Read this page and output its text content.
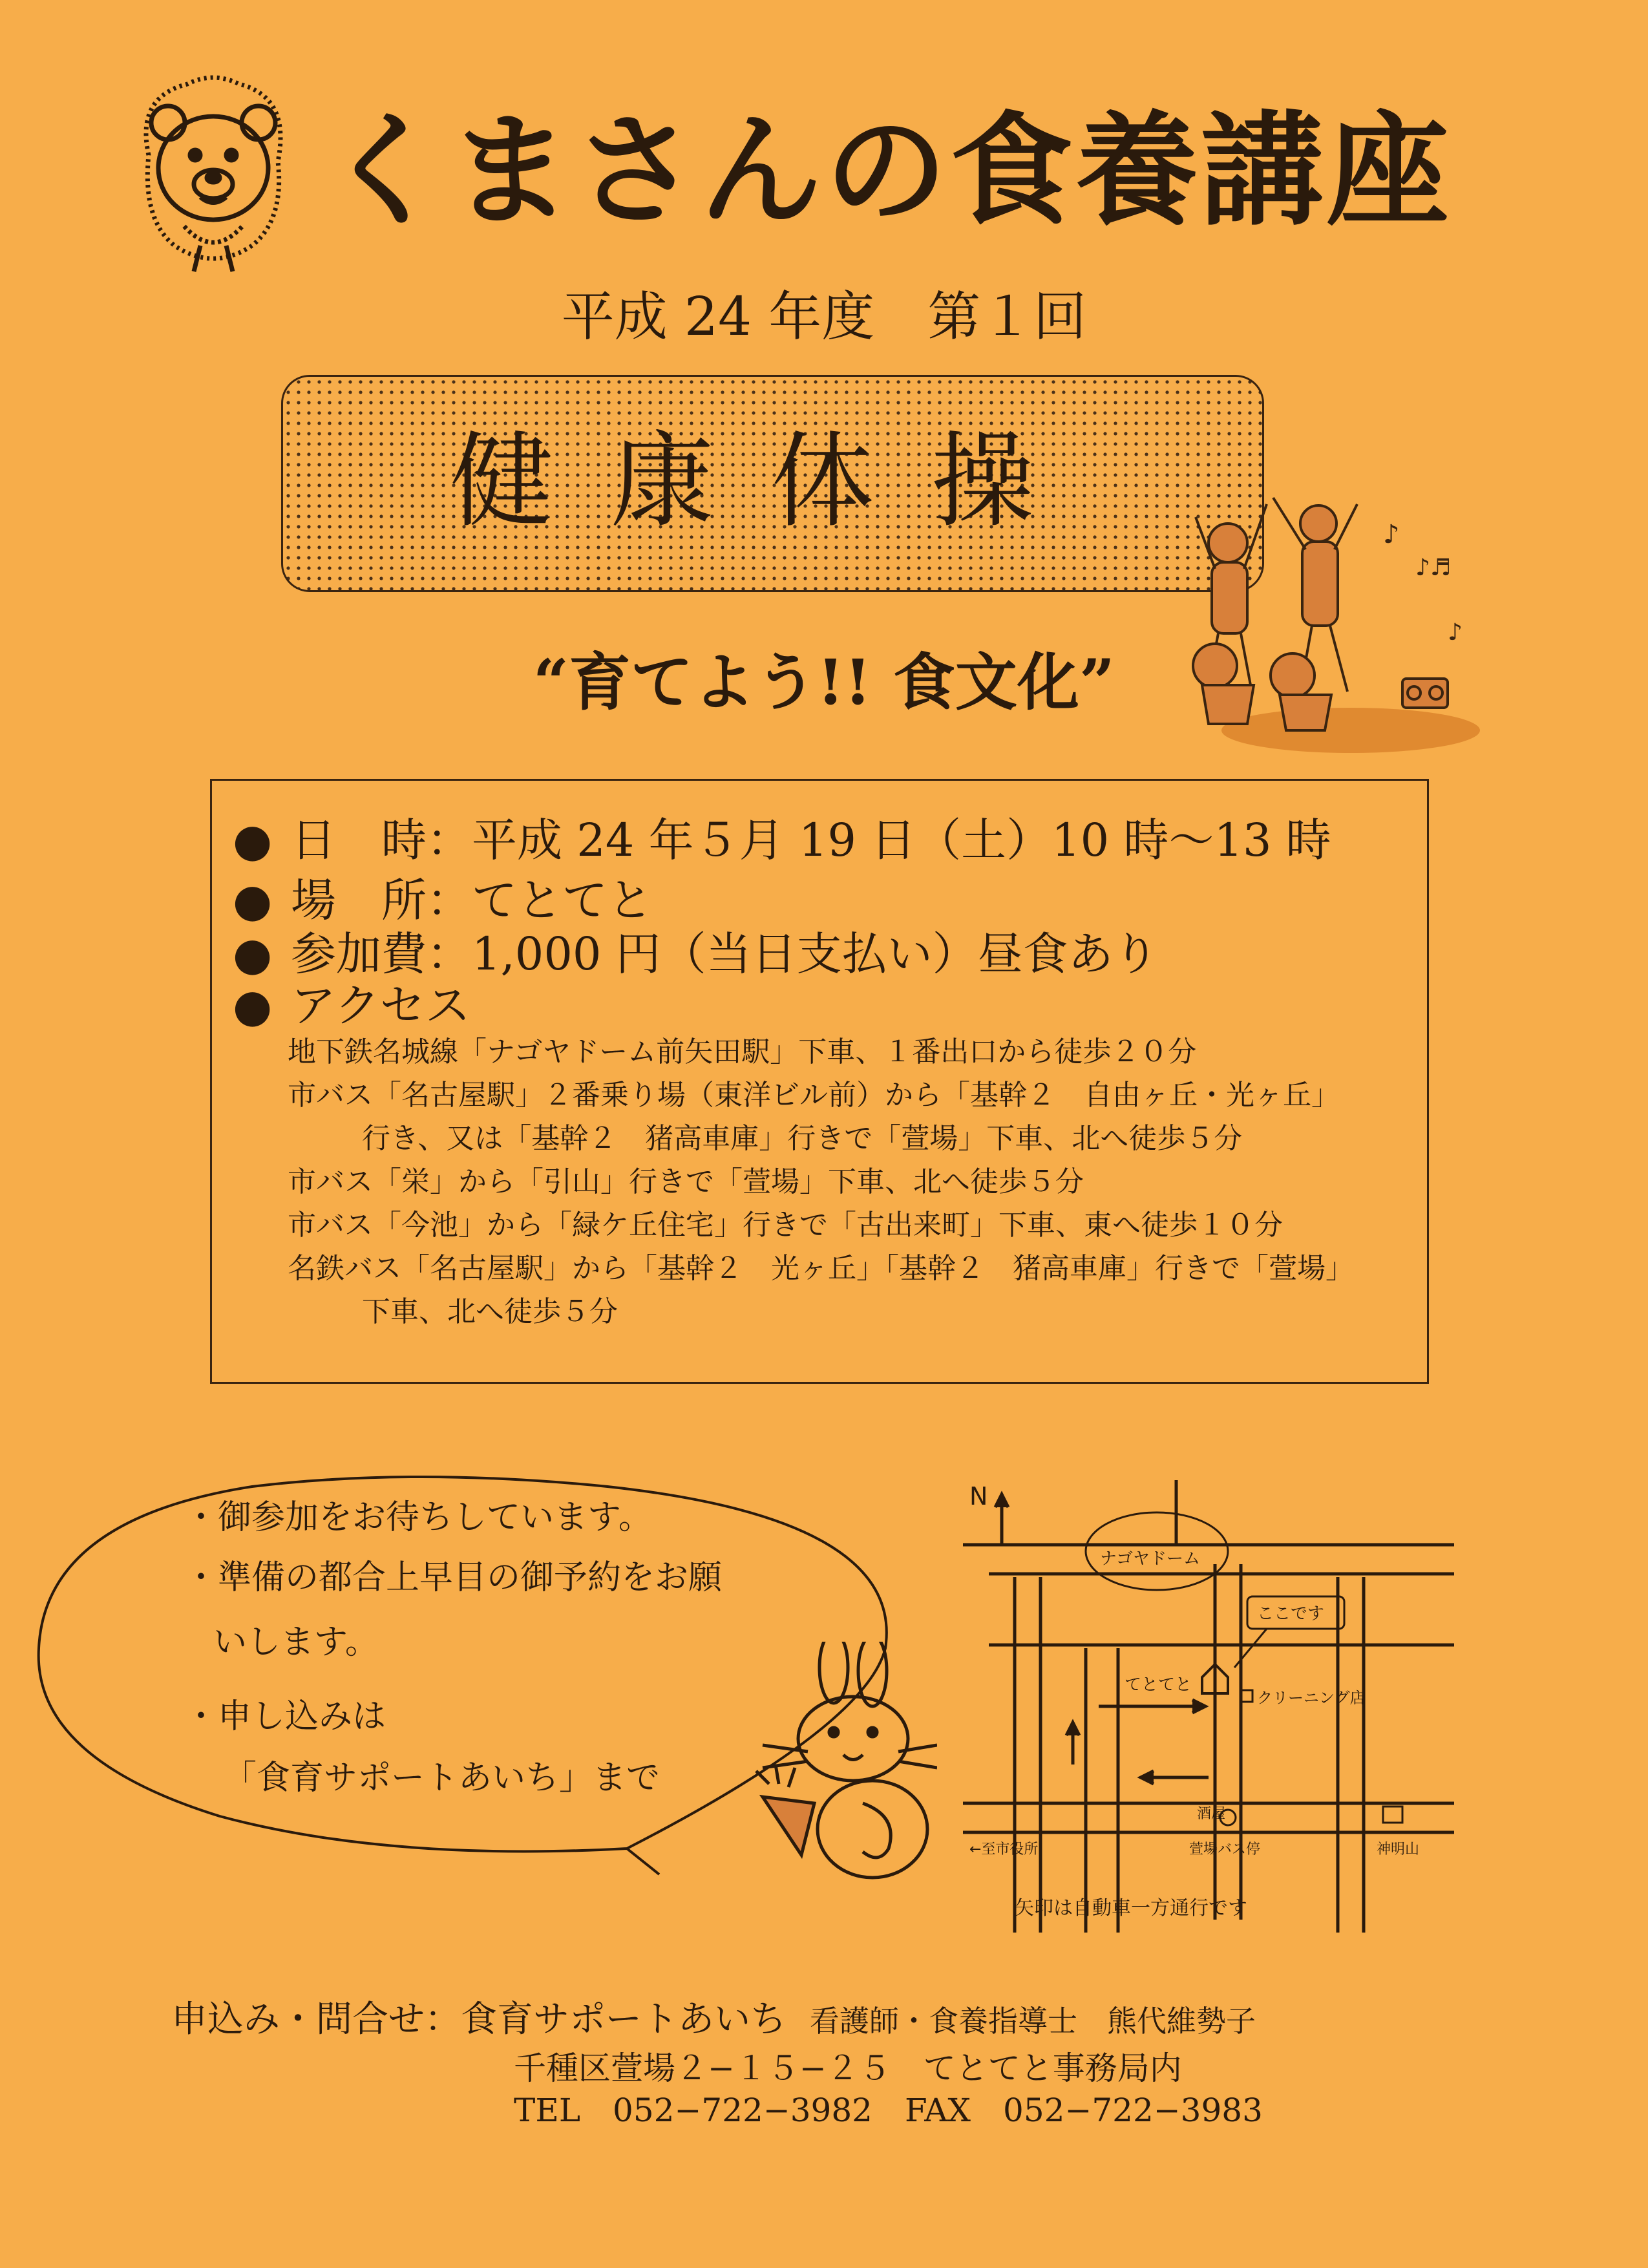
くまさんの食養講座
平成 24 年度　第１回
健康体操	♪
♪♬
♪
“育てよう!! 食文化”
● 日　時：平成 24 年５月 19 日（土）10 時～13 時
● 場　所：てとてと
● 参加費：1,000 円（当日支払い）昼食あり
● アクセス
地下鉄名城線「ナゴヤドーム前矢田駅」下車、１番出口から徒歩２０分
市バス「名古屋駅」２番乗り場（東洋ビル前）から「基幹２　自由ヶ丘・光ヶ丘」
行き、又は「基幹２　猪高車庫」行きで「萱場」下車、北へ徒歩５分
市バス「栄」から「引山」行きで「萱場」下車、北へ徒歩５分
市バス「今池」から「緑ケ丘住宅」行きで「古出来町」下車、東へ徒歩１０分
名鉄バス「名古屋駅」から「基幹２　光ヶ丘」「基幹２　猪高車庫」行きで「萱場」
下車、北へ徒歩５分
・御参加をお待ちしています。
・準備の都合上早目の御予約をお願
いします。
・申し込みは
「食育サポートあいち」まで
N
ナゴヤドーム
ここです
てとてと
クリーニング店
酒屋
←至市役所	萱場バス停	神明山
矢印は自動車一方通行です
申込み・問合せ：食育サポートあいち 看護師・食養指導士　熊代維勢子
千種区萱場２−１５−２５　てとてと事務局内
TEL　052−722−3982　FAX　052−722−3983
